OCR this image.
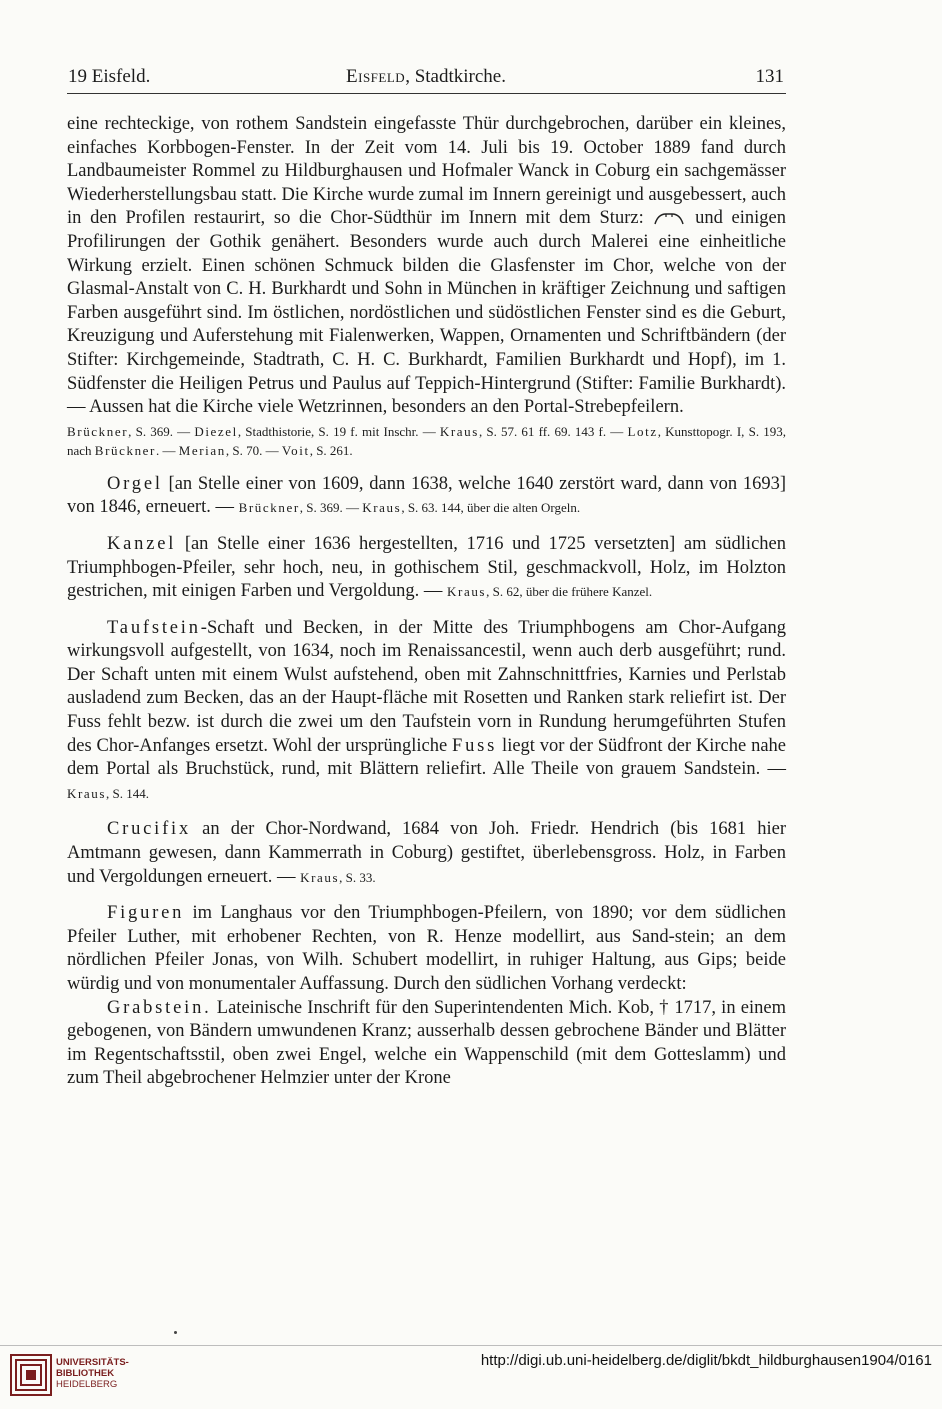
19 Eisfeld.	Eisfeld, Stadtkirche.	131

eine rechteckige, von rothem Sandstein eingefasste Thür durchgebrochen, darüber ein kleines, einfaches Korbbogen-Fenster. In der Zeit vom 14. Juli bis 19. October 1889 fand durch Landbaumeister Rommel zu Hildburghausen und Hofmaler Wanck in Coburg ein sachgemässer Wiederherstellungsbau statt. Die Kirche wurde zumal im Innern gereinigt und ausgebessert, auch in den Profilen restaurirt, so die Chor-Südthür im Innern mit dem Sturz:	und einigen Profilirungen der Gothik genähert. Besonders wurde auch durch Malerei eine einheitliche Wirkung erzielt. Einen schönen Schmuck bilden die Glasfenster im Chor, welche von der Glasmal-Anstalt von C. H. Burkhardt und Sohn in München in kräftiger Zeichnung und saftigen Farben ausgeführt sind. Im östlichen, nordöstlichen und südöstlichen Fenster sind es die Geburt, Kreuzigung und Auferstehung mit Fialenwerken, Wappen, Ornamenten und Schriftbändern (der Stifter: Kirchgemeinde, Stadtrath, C. H. C. Burkhardt, Familien Burkhardt und Hopf), im 1. Südfenster die Heiligen Petrus und Paulus auf Teppich-Hintergrund (Stifter: Familie Burkhardt). — Aussen hat die Kirche viele Wetzrinnen, besonders an den Portal-Strebepfeilern.

Brückner, S. 369. — Diezel, Stadthistorie, S. 19 f. mit Inschr. — Kraus, S. 57. 61 ff. 69. 143 f. — Lotz, Kunsttopogr. I, S. 193, nach Brückner. — Merian, S. 70. — Voit, S. 261.

Orgel [an Stelle einer von 1609, dann 1638, welche 1640 zerstört ward, dann von 1693] von 1846, erneuert. — Brückner, S. 369. — Kraus, S. 63. 144, über die alten Orgeln.

Kanzel [an Stelle einer 1636 hergestellten, 1716 und 1725 versetzten] am südlichen Triumphbogen-Pfeiler, sehr hoch, neu, in gothischem Stil, geschmackvoll, Holz, im Holzton gestrichen, mit einigen Farben und Vergoldung. — Kraus, S. 62, über die frühere Kanzel.

Taufstein-Schaft und Becken, in der Mitte des Triumphbogens am Chor-Aufgang wirkungsvoll aufgestellt, von 1634, noch im Renaissancestil, wenn auch derb ausgeführt; rund. Der Schaft unten mit einem Wulst aufstehend, oben mit Zahnschnittfries, Karnies und Perlstab ausladend zum Becken, das an der Haupt-fläche mit Rosetten und Ranken stark reliefirt ist. Der Fuss fehlt bezw. ist durch die zwei um den Taufstein vorn in Rundung herumgeführten Stufen des Chor-Anfanges ersetzt. Wohl der ursprüngliche Fuss liegt vor der Südfront der Kirche nahe dem Portal als Bruchstück, rund, mit Blättern reliefirt. Alle Theile von grauem Sandstein. — Kraus, S. 144.

Crucifix an der Chor-Nordwand, 1684 von Joh. Friedr. Hendrich (bis 1681 hier Amtmann gewesen, dann Kammerrath in Coburg) gestiftet, überlebensgross. Holz, in Farben und Vergoldungen erneuert. — Kraus, S. 33.

Figuren im Langhaus vor den Triumphbogen-Pfeilern, von 1890; vor dem südlichen Pfeiler Luther, mit erhobener Rechten, von R. Henze modellirt, aus Sand-stein; an dem nördlichen Pfeiler Jonas, von Wilh. Schubert modellirt, in ruhiger Haltung, aus Gips; beide würdig und von monumentaler Auffassung. Durch den südlichen Vorhang verdeckt:

Grabstein. Lateinische Inschrift für den Superintendenten Mich. Kob, † 1717, in einem gebogenen, von Bändern umwundenen Kranz; ausserhalb dessen gebrochene Bänder und Blätter im Regentschaftsstil, oben zwei Engel, welche ein Wappenschild (mit dem Gotteslamm) und zum Theil abgebrochener Helmzier unter der Krone

UNIVERSITÄTS-
BIBLIOTHEK
HEIDELBERG
http://digi.ub.uni-heidelberg.de/diglit/bkdt_hildburghausen1904/0161
